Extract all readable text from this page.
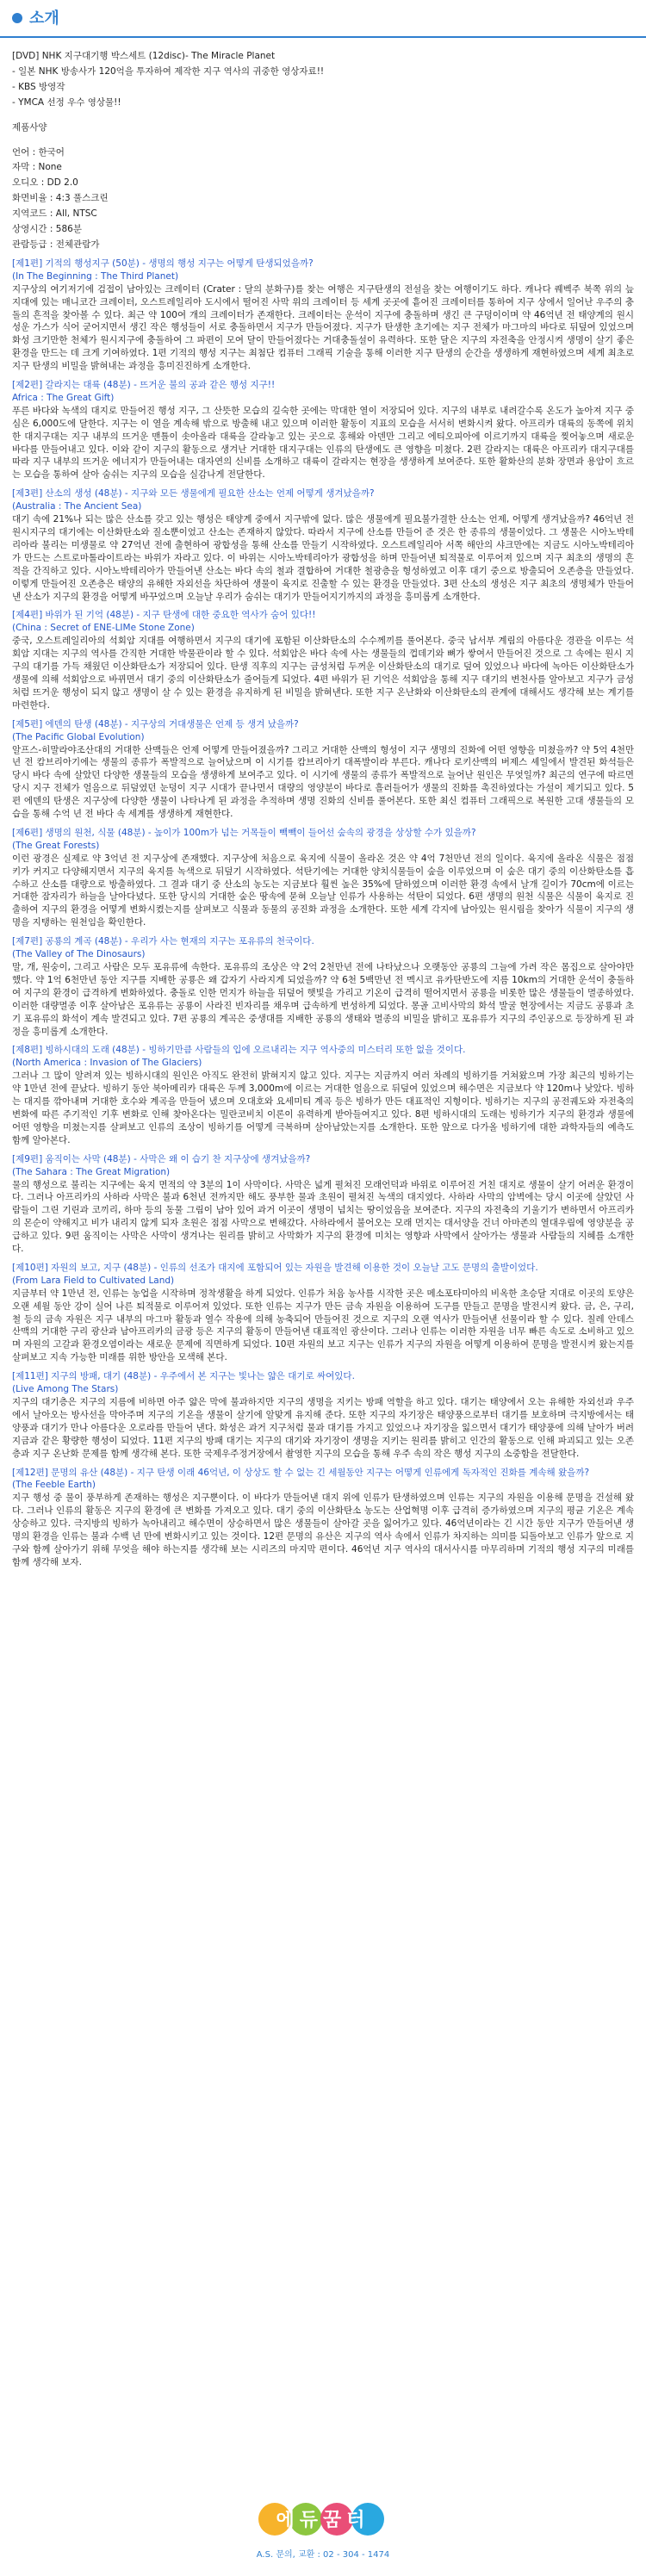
소개

[DVD] NHK 지구대기행 박스세트 (12disc)- The Miracle Planet

- 일본 NHK 방송사가 120억을 투자하여 제작한 지구 역사의 귀중한 영상자료!!

- KBS 방영작

- YMCA 선정 우수 영상물!!

제품사양

언어 : 한국어

자막 : None

오디오 : DD 2.0

화면비율 : 4:3 풀스크린

지역코드 : All, NTSC

상영시간 : 586분

관람등급 : 전체관람가

[제1편] 기적의 행성지구 (50분) - 생명의 행성 지구는 어떻게 탄생되었을까?

(In The Beginning : The Third Planet)

지구상의 여기저기에 검접이 남아있는 크레이터 (Crater : 달의 분화구)를 찾는 여행은 지구탄생의 전설을 찾는 여행이기도 하다. 캐나다 퀘벡주 북쪽 위의 늪지대에 있는 매니코간 크레이터, 오스트레일리아 도시에서 떨어진 사막 위의 크레이터 등 세계 곳곳에 흩어진 크레이터를 통하여 지구 상에서 일어난 우주의 충돌의 흔적을 찾아볼 수 있다. 최근 약 100여 개의 크레이터가 존재한다. 크레이터는 운석이 지구에 충돌하며 생긴 큰 구덩이이며 약 46억년 전 태양계의 원시성운 가스가 식어 굳어지면서 생긴 작은 행성들이 서로 충돌하면서 지구가 만들어졌다. 지구가 탄생한 초기에는 지구 전체가 마그마의 바다로 뒤덮여 있었으며 화성 크기만한 천체가 원시지구에 충돌하여 그 파편이 모여 달이 만들어졌다는 거대충돌설이 유력하다. 또한 달은 지구의 자전축을 안정시켜 생명이 살기 좋은 환경을 만드는 데 크게 기여하였다. 1편 기적의 행성 지구는 최첨단 컴퓨터 그래픽 기술을 통해 이러한 지구 탄생의 순간을 생생하게 재현하였으며 세계 최초로 지구 탄생의 비밀을 밝혀내는 과정을 흥미진진하게 소개한다.

[제2편] 갈라지는 대륙 (48분) - 뜨거운 불의 공과 같은 행성 지구!!

Africa : The Great Gift)

푸른 바다와 녹색의 대지로 만들어진 행성 지구, 그 산뜻한 모습의 깊숙한 곳에는 막대한 열이 저장되어 있다. 지구의 내부로 내려갈수록 온도가 높아져 지구 중심은 6,000도에 달한다. 지구는 이 열을 계속해 밖으로 방출해 내고 있으며 이러한 활동이 지표의 모습을 서서히 변화시켜 왔다. 아프리카 대륙의 동쪽에 위치한 대지구대는 지구 내부의 뜨거운 맨틀이 솟아올라 대륙을 갈라놓고 있는 곳으로 홍해와 아덴만 그리고 에티오피아에 이르기까지 대륙을 찢어놓으며 새로운 바다를 만들어내고 있다. 이와 같이 지구의 활동으로 생겨난 거대한 대지구대는 인류의 탄생에도 큰 영향을 미쳤다. 2편 갈라지는 대륙은 아프리카 대지구대를 따라 지구 내부의 뜨거운 에너지가 만들어내는 대자연의 신비를 소개하고 대륙이 갈라지는 현장을 생생하게 보여준다. 또한 활화산의 분화 장면과 용암이 흐르는 모습을 통하여 살아 숨쉬는 지구의 모습을 실감나게 전달한다.

[제3편] 산소의 생성 (48분) - 지구와 모든 생물에게 필요한 산소는 언제 어떻게 생겨났을까?

(Australia : The Ancient Sea)

대기 속에 21%나 되는 많은 산소를 갖고 있는 행성은 태양계 중에서 지구밖에 없다. 많은 생물에게 필요불가결한 산소는 언제, 어떻게 생겨났을까? 46억년 전 원시지구의 대기에는 이산화탄소와 질소뿐이었고 산소는 존재하지 않았다. 따라서 지구에 산소를 만들어 준 것은 한 종류의 생물이었다. 그 생물은 시아노박테리아라 불리는 미생물로 약 27억년 전에 출현하여 광합성을 통해 산소를 만들기 시작하였다. 오스트레일리아 서쪽 해안의 샤크만에는 지금도 시아노박테리아가 만드는 스트로마톨라이트라는 바위가 자라고 있다. 이 바위는 시아노박테리아가 광합성을 하며 만들어낸 퇴적물로 이루어져 있으며 지구 최초의 생명의 흔적을 간직하고 있다. 시아노박테리아가 만들어낸 산소는 바다 속의 철과 결합하여 거대한 철광층을 형성하였고 이후 대기 중으로 방출되어 오존층을 만들었다. 이렇게 만들어진 오존층은 태양의 유해한 자외선을 차단하여 생물이 육지로 진출할 수 있는 환경을 만들었다. 3편 산소의 생성은 지구 최초의 생명체가 만들어낸 산소가 지구의 환경을 어떻게 바꾸었으며 오늘날 우리가 숨쉬는 대기가 만들어지기까지의 과정을 흥미롭게 소개한다.

[제4편] 바위가 된 기억 (48분) - 지구 탄생에 대한 중요한 역사가 숨어 있다!!

(China : Secret of ENE-LIMe Stone Zone)

중국, 오스트레일리아의 석회암 지대를 여행하면서 지구의 대기에 포함된 이산화탄소의 수수께끼를 풀어본다. 중국 남서부 계림의 아름다운 경관을 이루는 석회암 지대는 지구의 역사를 간직한 거대한 박물관이라 할 수 있다. 석회암은 바다 속에 사는 생물들의 껍데기와 뼈가 쌓여서 만들어진 것으로 그 속에는 원시 지구의 대기를 가득 채웠던 이산화탄소가 저장되어 있다. 탄생 직후의 지구는 금성처럼 두꺼운 이산화탄소의 대기로 덮여 있었으나 바다에 녹아든 이산화탄소가 생물에 의해 석회암으로 바뀌면서 대기 중의 이산화탄소가 줄어들게 되었다. 4편 바위가 된 기억은 석회암을 통해 지구 대기의 변천사를 알아보고 지구가 금성처럼 뜨거운 행성이 되지 않고 생명이 살 수 있는 환경을 유지하게 된 비밀을 밝혀낸다. 또한 지구 온난화와 이산화탄소의 관계에 대해서도 생각해 보는 계기를 마련한다.

[제5편] 에덴의 탄생 (48분) - 지구상의 거대생물은 언제 등 생겨 났을까?

(The Pacific Global Evolution)

알프스-히말라야조산대의 거대한 산맥들은 언제 어떻게 만들어졌을까? 그리고 거대한 산맥의 형성이 지구 생명의 진화에 어떤 영향을 미쳤을까? 약 5억 4천만년 전 캄브리아기에는 생물의 종류가 폭발적으로 늘어났으며 이 시기를 캄브리아기 대폭발이라 부른다. 캐나다 로키산맥의 버제스 셰일에서 발견된 화석들은 당시 바다 속에 살았던 다양한 생물들의 모습을 생생하게 보여주고 있다. 이 시기에 생물의 종류가 폭발적으로 늘어난 원인은 무엇일까? 최근의 연구에 따르면 당시 지구 전체가 얼음으로 뒤덮였던 눈덩이 지구 시대가 끝나면서 대량의 영양분이 바다로 흘러들어가 생물의 진화를 촉진하였다는 가설이 제기되고 있다. 5편 에덴의 탄생은 지구상에 다양한 생물이 나타나게 된 과정을 추적하며 생명 진화의 신비를 풀어본다. 또한 최신 컴퓨터 그래픽으로 복원한 고대 생물들의 모습을 통해 수억 년 전 바다 속 세계를 생생하게 재현한다.

[제6편] 생명의 원천, 식물 (48분) - 높이가 100m가 넘는 거목들이 빽빽이 들어선 숲속의 광경을 상상할 수가 있을까?

(The Great Forests)

이런 광경은 실제로 약 3억년 전 지구상에 존재했다. 지구상에 처음으로 육지에 식물이 올라온 것은 약 4억 7천만년 전의 일이다. 육지에 올라온 식물은 점점 키가 커지고 다양해지면서 지구의 육지를 녹색으로 뒤덮기 시작하였다. 석탄기에는 거대한 양치식물들이 숲을 이루었으며 이 숲은 대기 중의 이산화탄소를 흡수하고 산소를 대량으로 방출하였다. 그 결과 대기 중 산소의 농도는 지금보다 훨씬 높은 35%에 달하였으며 이러한 환경 속에서 날개 길이가 70cm에 이르는 거대한 잠자리가 하늘을 날아다녔다. 또한 당시의 거대한 숲은 땅속에 묻혀 오늘날 인류가 사용하는 석탄이 되었다. 6편 생명의 원천 식물은 식물이 육지로 진출하여 지구의 환경을 어떻게 변화시켰는지를 살펴보고 식물과 동물의 공진화 과정을 소개한다. 또한 세계 각지에 남아있는 원시림을 찾아가 식물이 지구의 생명을 지탱하는 원천임을 확인한다.

[제7편] 공룡의 계곡 (48분) - 우리가 사는 현재의 지구는 포유류의 천국이다.

(The Valley of The Dinosaurs)

말, 개, 원숭이, 그리고 사람은 모두 포유류에 속한다. 포유류의 조상은 약 2억 2천만년 전에 나타났으나 오랫동안 공룡의 그늘에 가려 작은 몸집으로 살아야만 했다. 약 1억 6천만년 동안 지구를 지배한 공룡은 왜 갑자기 사라지게 되었을까? 약 6천 5백만년 전 멕시코 유카탄반도에 지름 10km의 거대한 운석이 충돌하여 지구의 환경이 급격하게 변화하였다. 충돌로 인한 먼지가 하늘을 뒤덮어 햇빛을 가리고 기온이 급격히 떨어지면서 공룡을 비롯한 많은 생물들이 멸종하였다. 이러한 대량멸종 이후 살아남은 포유류는 공룡이 사라진 빈자리를 채우며 급속하게 번성하게 되었다. 몽골 고비사막의 화석 발굴 현장에서는 지금도 공룡과 초기 포유류의 화석이 계속 발견되고 있다. 7편 공룡의 계곡은 중생대를 지배한 공룡의 생태와 멸종의 비밀을 밝히고 포유류가 지구의 주인공으로 등장하게 된 과정을 흥미롭게 소개한다.

[제8편] 빙하시대의 도래 (48분) - 빙하기만큼 사람들의 입에 오르내리는 지구 역사중의 미스터리 또한 없을 것이다.

(North America : Invasion of The Glaciers)

그러나 그 많이 알려져 있는 빙하시대의 원인은 아직도 완전히 밝혀지지 않고 있다. 지구는 지금까지 여러 차례의 빙하기를 거쳐왔으며 가장 최근의 빙하기는 약 1만년 전에 끝났다. 빙하기 동안 북아메리카 대륙은 두께 3,000m에 이르는 거대한 얼음으로 뒤덮여 있었으며 해수면은 지금보다 약 120m나 낮았다. 빙하는 대지를 깎아내며 거대한 호수와 계곡을 만들어 냈으며 오대호와 요세미티 계곡 등은 빙하가 만든 대표적인 지형이다. 빙하기는 지구의 공전궤도와 자전축의 변화에 따른 주기적인 기후 변화로 인해 찾아온다는 밀란코비치 이론이 유력하게 받아들여지고 있다. 8편 빙하시대의 도래는 빙하기가 지구의 환경과 생물에 어떤 영향을 미쳤는지를 살펴보고 인류의 조상이 빙하기를 어떻게 극복하며 살아남았는지를 소개한다. 또한 앞으로 다가올 빙하기에 대한 과학자들의 예측도 함께 알아본다.

[제9편] 움직이는 사막 (48분) - 사막은 왜 이 습기 찬 지구상에 생겨났을까?

(The Sahara : The Great Migration)

물의 행성으로 불리는 지구에는 육지 면적의 약 3분의 1이 사막이다. 사막은 넓게 펼쳐진 모래언덕과 바위로 이루어진 거친 대지로 생물이 살기 어려운 환경이다. 그러나 아프리카의 사하라 사막은 불과 6천년 전까지만 해도 풍부한 물과 초원이 펼쳐진 녹색의 대지였다. 사하라 사막의 암벽에는 당시 이곳에 살았던 사람들이 그린 기린과 코끼리, 하마 등의 동물 그림이 남아 있어 과거 이곳이 생명이 넘치는 땅이었음을 보여준다. 지구의 자전축의 기울기가 변하면서 아프리카의 몬순이 약해지고 비가 내리지 않게 되자 초원은 점점 사막으로 변해갔다. 사하라에서 불어오는 모래 먼지는 대서양을 건너 아마존의 열대우림에 영양분을 공급하고 있다. 9편 움직이는 사막은 사막이 생겨나는 원리를 밝히고 사막화가 지구의 환경에 미치는 영향과 사막에서 살아가는 생물과 사람들의 지혜를 소개한다.

[제10편] 자원의 보고, 지구 (48분) - 인류의 선조가 대지에 포함되어 있는 자원을 발견해 이용한 것이 오늘날 고도 문명의 출발이었다.

(From Lara Field to Cultivated Land)

지금부터 약 1만년 전, 인류는 농업을 시작하며 정착생활을 하게 되었다. 인류가 처음 농사를 시작한 곳은 메소포타미아의 비옥한 초승달 지대로 이곳의 토양은 오랜 세월 동안 강이 실어 나른 퇴적물로 이루어져 있었다. 또한 인류는 지구가 만든 금속 자원을 이용하여 도구를 만들고 문명을 발전시켜 왔다. 금, 은, 구리, 철 등의 금속 자원은 지구 내부의 마그마 활동과 열수 작용에 의해 농축되어 만들어진 것으로 지구의 오랜 역사가 만들어낸 선물이라 할 수 있다. 칠레 안데스 산맥의 거대한 구리 광산과 남아프리카의 금광 등은 지구의 활동이 만들어낸 대표적인 광산이다. 그러나 인류는 이러한 자원을 너무 빠른 속도로 소비하고 있으며 자원의 고갈과 환경오염이라는 새로운 문제에 직면하게 되었다. 10편 자원의 보고 지구는 인류가 지구의 자원을 어떻게 이용하여 문명을 발전시켜 왔는지를 살펴보고 지속 가능한 미래를 위한 방안을 모색해 본다.

[제11편] 지구의 방패, 대기 (48분) - 우주에서 본 지구는 빛나는 얇은 대기로 싸여있다.

(Live Among The Stars)

지구의 대기층은 지구의 지름에 비하면 아주 얇은 막에 불과하지만 지구의 생명을 지키는 방패 역할을 하고 있다. 대기는 태양에서 오는 유해한 자외선과 우주에서 날아오는 방사선을 막아주며 지구의 기온을 생물이 살기에 알맞게 유지해 준다. 또한 지구의 자기장은 태양풍으로부터 대기를 보호하며 극지방에서는 태양풍과 대기가 만나 아름다운 오로라를 만들어 낸다. 화성은 과거 지구처럼 물과 대기를 가지고 있었으나 자기장을 잃으면서 대기가 태양풍에 의해 날아가 버려 지금과 같은 황량한 행성이 되었다. 11편 지구의 방패 대기는 지구의 대기와 자기장이 생명을 지키는 원리를 밝히고 인간의 활동으로 인해 파괴되고 있는 오존층과 지구 온난화 문제를 함께 생각해 본다. 또한 국제우주정거장에서 촬영한 지구의 모습을 통해 우주 속의 작은 행성 지구의 소중함을 전달한다.

[제12편] 문명의 유산 (48분) - 지구 탄생 이래 46억년, 이 상상도 할 수 없는 긴 세월동안 지구는 어떻게 인류에게 독자적인 진화를 계속해 왔을까?

(The Feeble Earth)

지구 행성 중 물이 풍부하게 존재하는 행성은 지구뿐이다. 이 바다가 만들어낸 대지 위에 인류가 탄생하였으며 인류는 지구의 자원을 이용해 문명을 건설해 왔다. 그러나 인류의 활동은 지구의 환경에 큰 변화를 가져오고 있다. 대기 중의 이산화탄소 농도는 산업혁명 이후 급격히 증가하였으며 지구의 평균 기온은 계속 상승하고 있다. 극지방의 빙하가 녹아내리고 해수면이 상승하면서 많은 생물들이 살아갈 곳을 잃어가고 있다. 46억년이라는 긴 시간 동안 지구가 만들어낸 생명의 환경을 인류는 불과 수백 년 만에 변화시키고 있는 것이다. 12편 문명의 유산은 지구의 역사 속에서 인류가 차지하는 의미를 되돌아보고 인류가 앞으로 지구와 함께 살아가기 위해 무엇을 해야 하는지를 생각해 보는 시리즈의 마지막 편이다. 46억년 지구 역사의 대서사시를 마무리하며 기적의 행성 지구의 미래를 함께 생각해 보자.

에듀꿈터
A.S. 문의, 교환 : 02 - 304 - 1474
